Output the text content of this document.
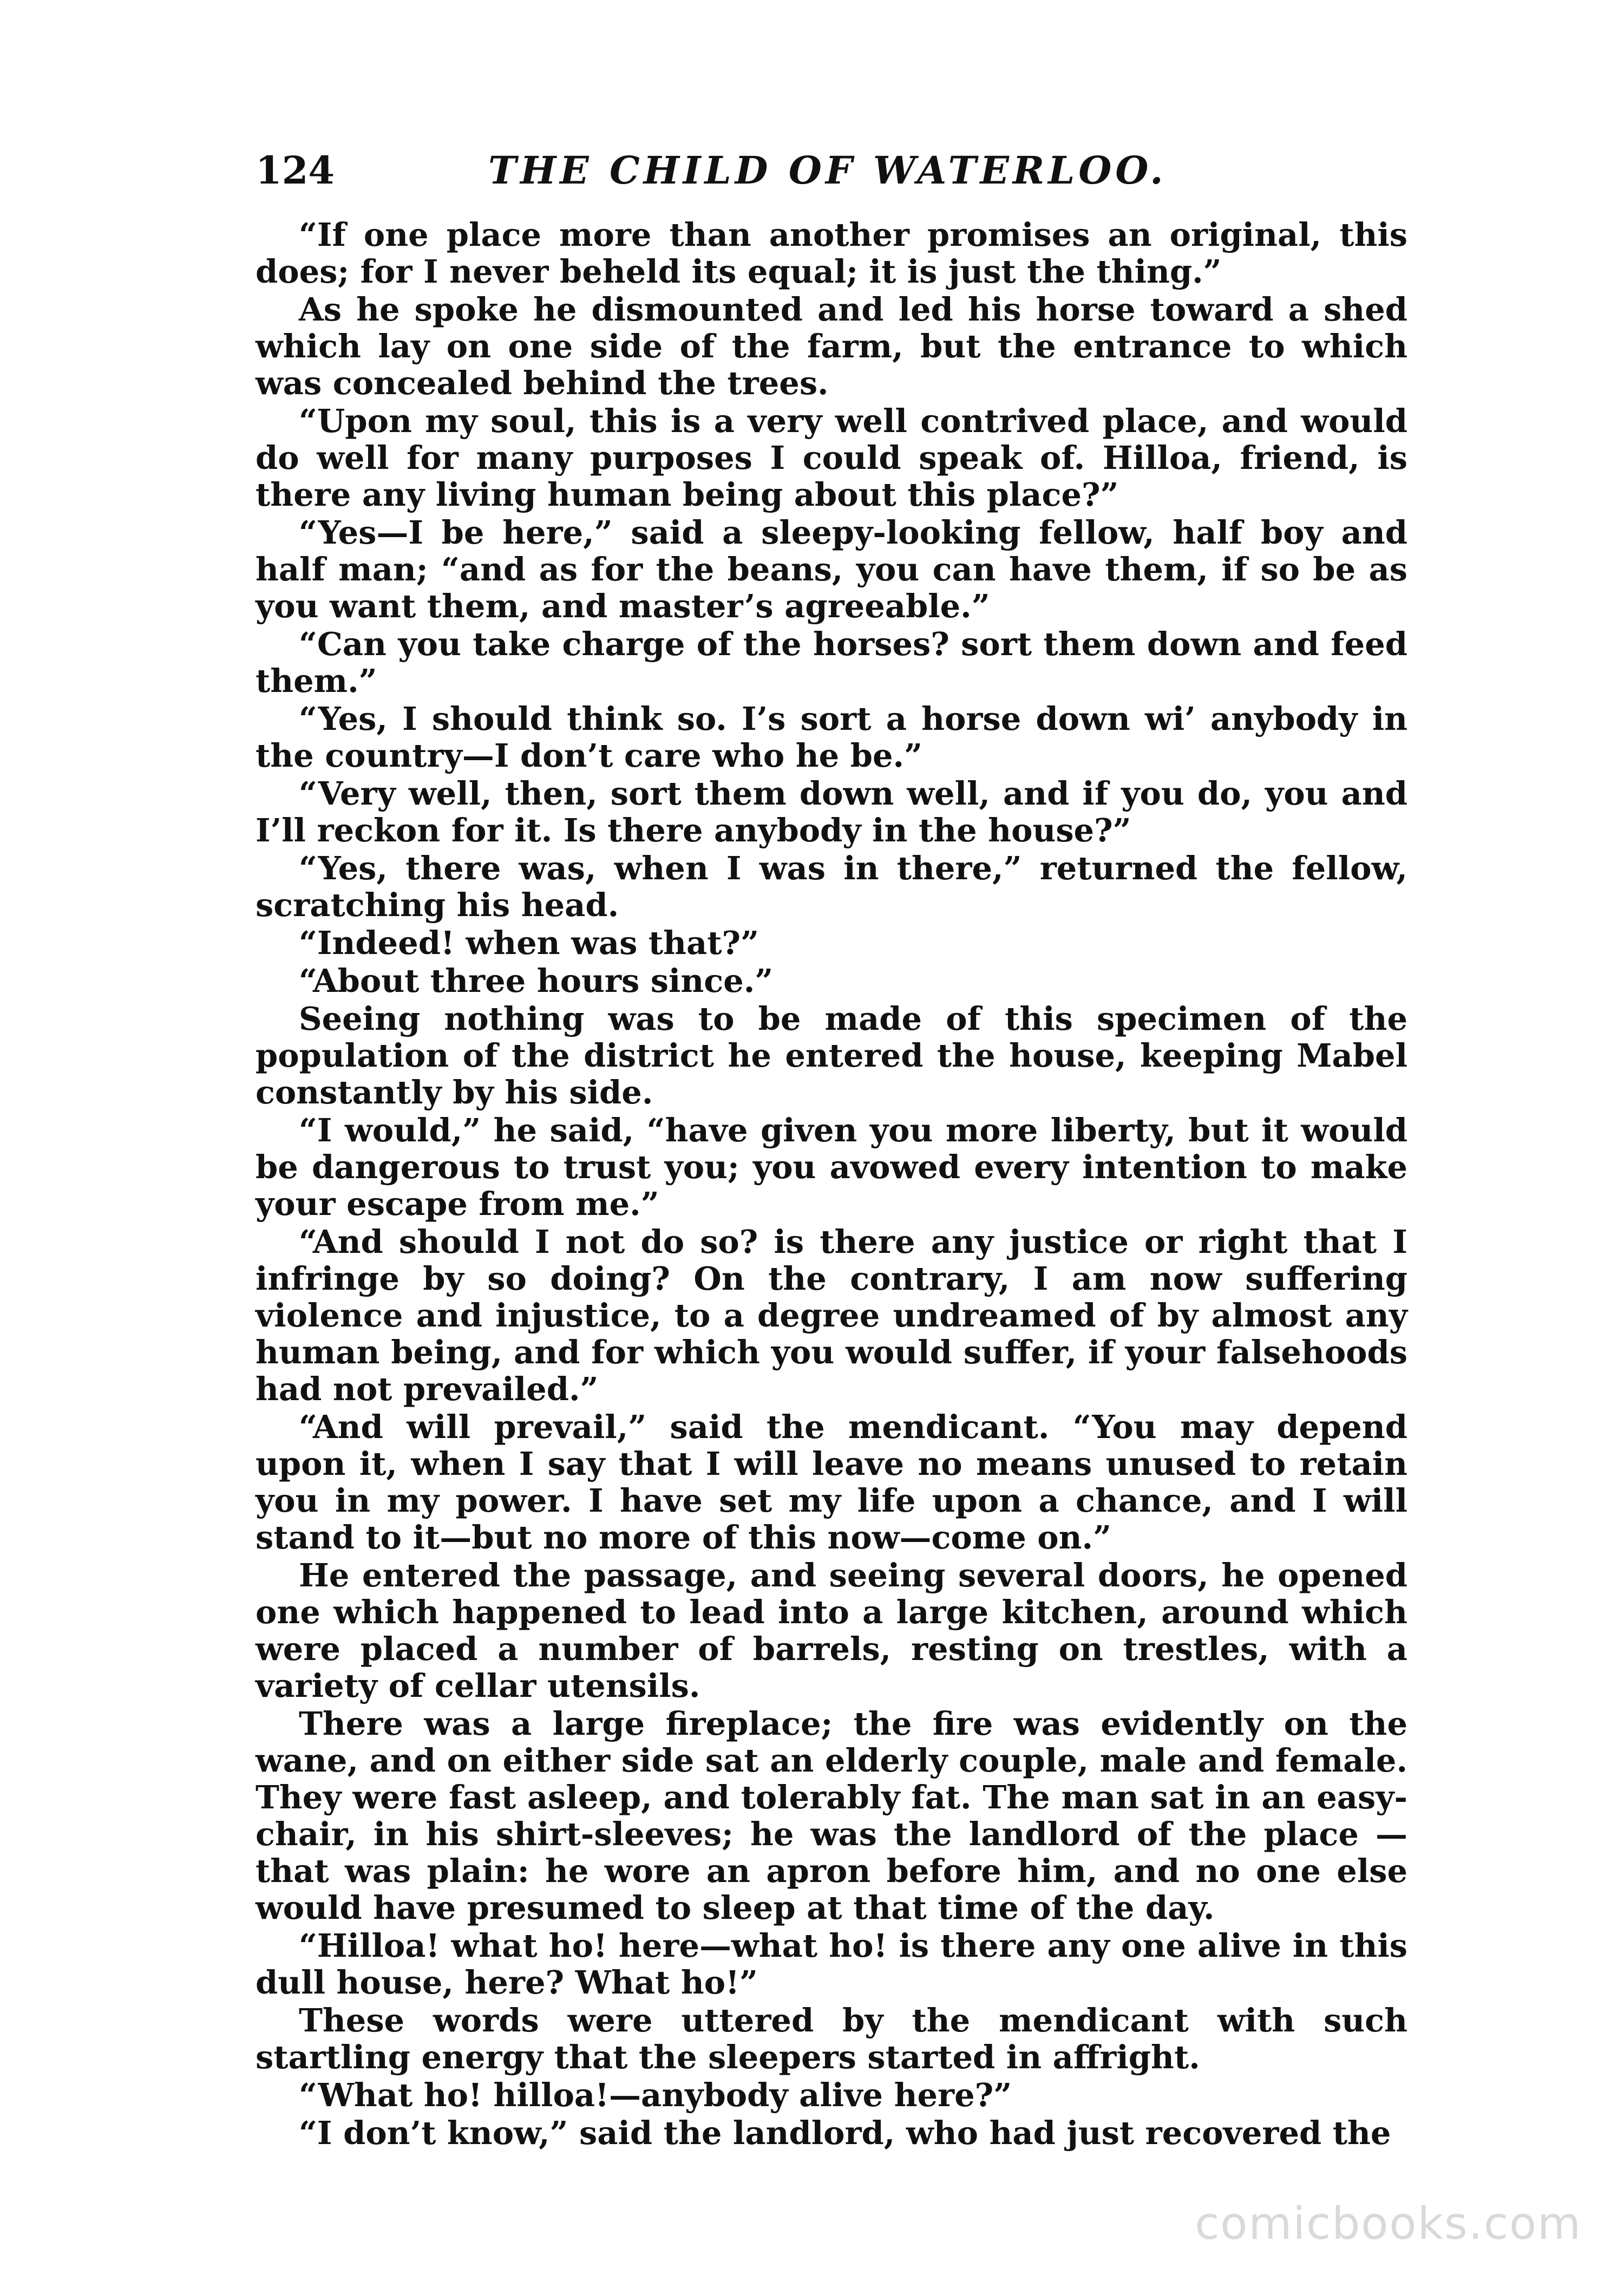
124	THE CHILD OF WATERLOO.

“If one place more than another promises an original, this does; for I never beheld its equal; it is just the thing.”

As he spoke he dismounted and led his horse toward a shed which lay on one side of the farm, but the entrance to which was concealed behind the trees.

“Upon my soul, this is a very well contrived place, and would do well for many purposes I could speak of. Hilloa, friend, is there any living human being about this place?”

“Yes—I be here,” said a sleepy-looking fellow, half boy and half man; “and as for the beans, you can have them, if so be as you want them, and master’s agreeable.”

“Can you take charge of the horses? sort them down and feed them.”

“Yes, I should think so. I’s sort a horse down wi’ anybody in the country—I don’t care who he be.”

“Very well, then, sort them down well, and if you do, you and I’ll reckon for it. Is there anybody in the house?”

“Yes, there was, when I was in there,” returned the fellow, scratching his head.

“Indeed! when was that?”

“About three hours since.”

Seeing nothing was to be made of this specimen of the population of the district he entered the house, keeping Mabel constantly by his side.

“I would,” he said, “have given you more liberty, but it would be dangerous to trust you; you avowed every intention to make your escape from me.”

“And should I not do so? is there any justice or right that I infringe by so doing? On the contrary, I am now suffering violence and injustice, to a degree undreamed of by almost any human being, and for which you would suffer, if your falsehoods had not prevailed.”

“And will prevail,” said the mendicant. “You may depend upon it, when I say that I will leave no means unused to retain you in my power. I have set my life upon a chance, and I will stand to it—but no more of this now—come on.”

He entered the passage, and seeing several doors, he opened one which happened to lead into a large kitchen, around which were placed a number of barrels, resting on trestles, with a variety of cellar utensils.

There was a large fireplace; the fire was evidently on the wane, and on either side sat an elderly couple, male and female. They were fast asleep, and tolerably fat. The man sat in an easy-chair, in his shirt-sleeves; he was the landlord of the place —that was plain: he wore an apron before him, and no one else would have presumed to sleep at that time of the day.

“Hilloa! what ho! here—what ho! is there any one alive in this dull house, here? What ho!”

These words were uttered by the mendicant with such startling energy that the sleepers started in affright.

“What ho! hilloa!—anybody alive here?”

“I don’t know,” said the landlord, who had just recovered the

comicbooks.com
